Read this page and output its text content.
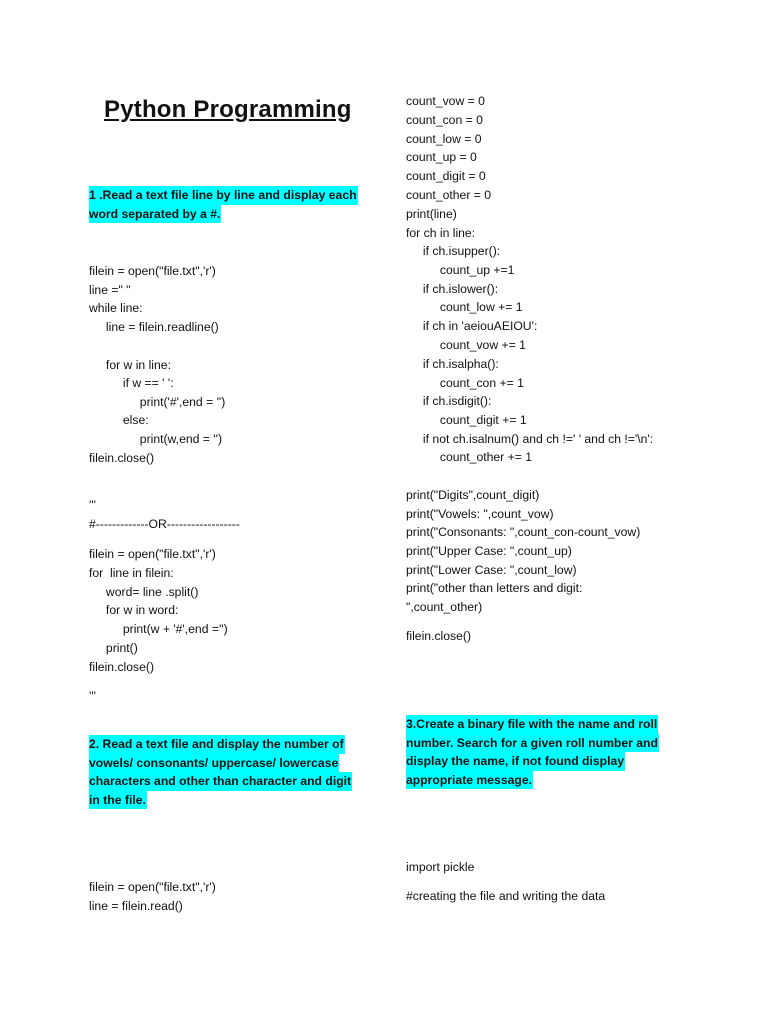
Python Programming
1 .Read a text file line by line and display each
word separated by a #.
filein = open("file.txt",'r')
line =" "
while line:
line = filein.readline()
for w in line:
if w == ' ':
print('#',end = '')
else:
print(w,end = '')
filein.close()
'''
#-------------OR------------------
filein = open("file.txt",'r')
for  line in filein:
word= line .split()
for w in word:
print(w + '#',end ='')
print()
filein.close()
'''
2. Read a text file and display the number of
vowels/ consonants/ uppercase/ lowercase
characters and other than character and digit
in the file.
filein = open("file.txt",'r')
line = filein.read()
count_vow = 0
count_con = 0
count_low = 0
count_up = 0
count_digit = 0
count_other = 0
print(line)
for ch in line:
if ch.isupper():
count_up +=1
if ch.islower():
count_low += 1
if ch in 'aeiouAEIOU':
count_vow += 1
if ch.isalpha():
count_con += 1
if ch.isdigit():
count_digit += 1
if not ch.isalnum() and ch !=' ' and ch !='\n':
count_other += 1
print("Digits",count_digit)
print("Vowels: ",count_vow)
print("Consonants: ",count_con-count_vow)
print("Upper Case: ",count_up)
print("Lower Case: ",count_low)
print("other than letters and digit:
",count_other)
filein.close()
3.Create a binary file with the name and roll
number. Search for a given roll number and
display the name, if not found display
appropriate message.
import pickle
#creating the file and writing the data
